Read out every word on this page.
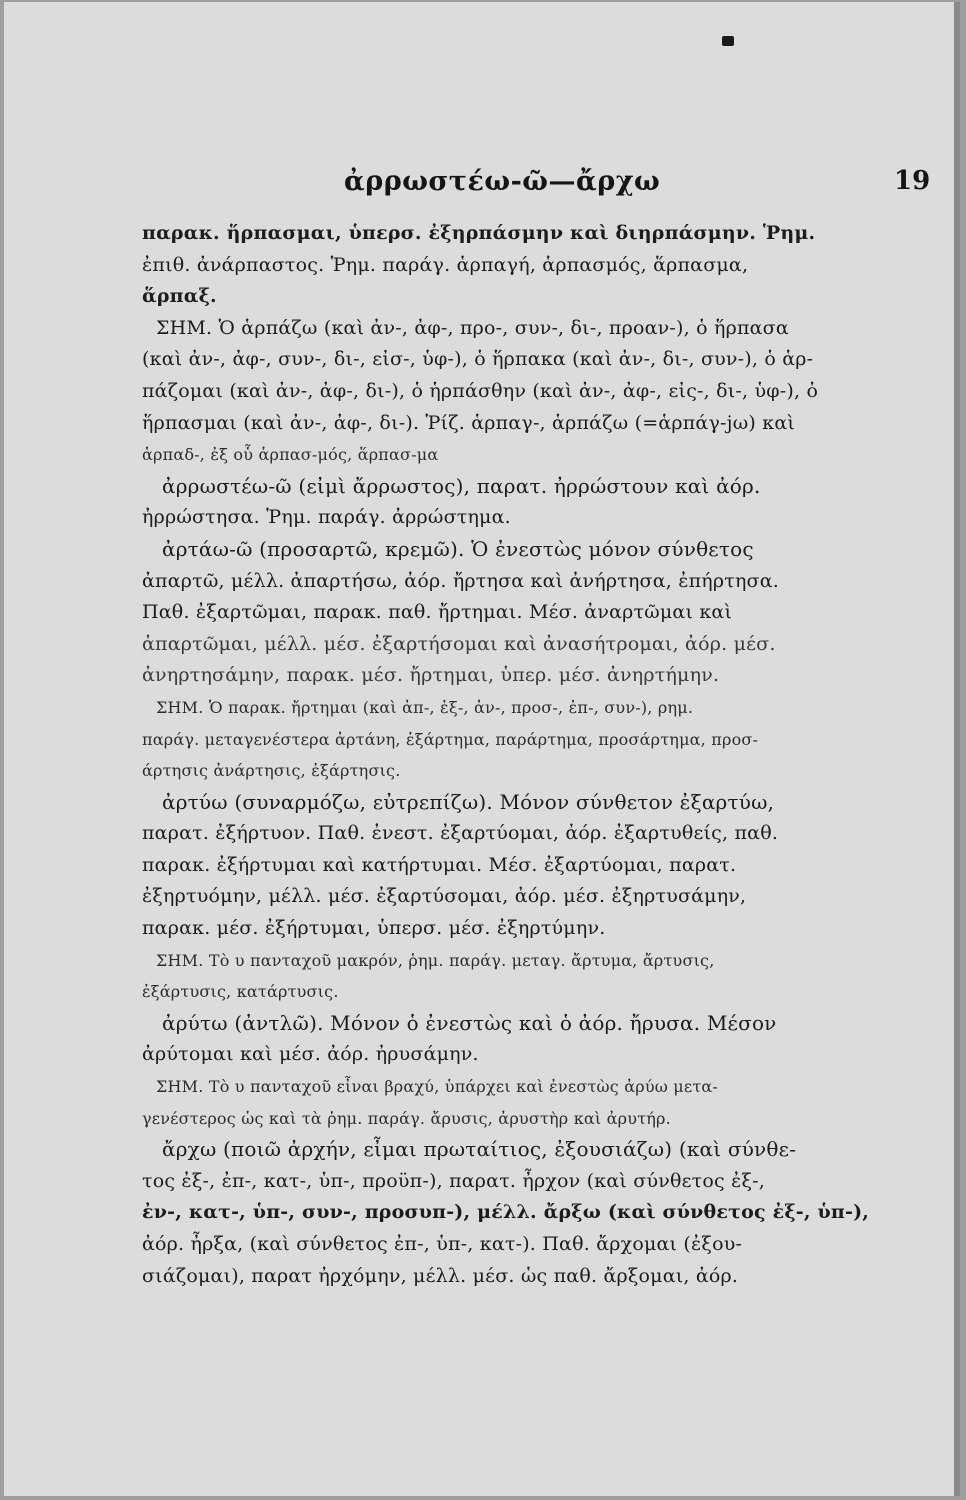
ἀρρωστέω-ῶ—ἄρχω	19
παρακ. ἥρπασμαι, ὑπερσ. ἐξηρπάσμην καὶ διηρπάσμην. Ῥημ.
ἐπιθ. ἀνάρπαστος. Ῥημ. παράγ. ἁρπαγή, ἁρπασμός, ἅρπασμα,
ἅρπαξ.
ΣΗΜ. Ὁ ἁρπάζω (καὶ ἀν-, ἀφ-, προ-, συν-, δι-, προαν-), ὁ ἥρπασα
(καὶ ἀν-, ἀφ-, συν-, δι-, εἰσ-, ὑφ-), ὁ ἥρπακα (καὶ ἀν-, δι-, συν-), ὁ ἁρ-
πάζομαι (καὶ ἀν-, ἀφ-, δι-), ὁ ἡρπάσθην (καὶ ἀν-, ἀφ-, εἰς-, δι-, ὑφ-), ὁ
ἥρπασμαι (καὶ ἀν-, ἀφ-, δι-). Ῥίζ. ἁρπαγ-, ἁρπάζω (=ἁρπάγ-jω) καὶ
ἁρπαδ-, ἐξ οὗ ἁρπασ-μός, ἅρπασ-μα
ἀρρωστέω-ῶ (εἰμὶ ἄρρωστος), παρατ. ἠρρώστουν καὶ ἀόρ.
ἠρρώστησα. Ῥημ. παράγ. ἀρρώστημα.
ἀρτάω-ῶ (προσαρτῶ, κρεμῶ). Ὁ ἐνεστὼς μόνον σύνθετος
ἀπαρτῶ, μέλλ. ἀπαρτήσω, ἀόρ. ἤρτησα καὶ ἀνήρτησα, ἐπήρτησα.
Παθ. ἐξαρτῶμαι, παρακ. παθ. ἤρτημαι. Μέσ. ἀναρτῶμαι καὶ
ἀπαρτῶμαι, μέλλ. μέσ. ἐξαρτήσομαι καὶ ἀνασήτρομαι, ἀόρ. μέσ.
ἀνηρτησάμην, παρακ. μέσ. ἤρτημαι, ὑπερ. μέσ. ἀνηρτήμην.
ΣΗΜ. Ὁ παρακ. ἤρτημαι (καὶ ἀπ-, ἐξ-, ἀν-, προσ-, ἐπ-, συν-), ρημ.
παράγ. μεταγενέστερα ἀρτάνη, ἐξάρτημα, παράρτημα, προσάρτημα, προσ-
άρτησις ἀνάρτησις, ἐξάρτησις.
ἀρτύω (συναρμόζω, εὐτρεπίζω). Μόνον σύνθετον ἐξαρτύω,
παρατ. ἐξήρτυον. Παθ. ἐνεστ. ἐξαρτύομαι, ἀόρ. ἐξαρτυθείς, παθ.
παρακ. ἐξήρτυμαι καὶ κατήρτυμαι. Μέσ. ἐξαρτύομαι, παρατ.
ἐξηρτυόμην, μέλλ. μέσ. ἐξαρτύσομαι, ἀόρ. μέσ. ἐξηρτυσάμην,
παρακ. μέσ. ἐξήρτυμαι, ὑπερσ. μέσ. ἐξηρτύμην.
ΣΗΜ. Τὸ υ πανταχοῦ μακρόν, ῥημ. παράγ. μεταγ. ἄρτυμα, ἄρτυσις,
ἐξάρτυσις, κατάρτυσις.
ἀρύτω (ἀντλῶ). Μόνον ὁ ἐνεστὼς καὶ ὁ ἀόρ. ἤρυσα. Μέσον
ἀρύτομαι καὶ μέσ. ἀόρ. ἠρυσάμην.
ΣΗΜ. Τὸ υ πανταχοῦ εἶναι βραχύ, ὑπάρχει καὶ ἐνεστὼς ἀρύω μετα-
γενέστερος ὡς καὶ τὰ ῥημ. παράγ. ἄρυσις, ἀρυστὴρ καὶ ἀρυτήρ.
ἄρχω (ποιῶ ἀρχήν, εἶμαι πρωταίτιος, ἐξουσιάζω) (καὶ σύνθε-
τος ἐξ-, ἐπ-, κατ-, ὑπ-, προϋπ-), παρατ. ἦρχον (καὶ σύνθετος ἐξ-,
ἐν-, κατ-, ὑπ-, συν-, προσυπ-), μέλλ. ἄρξω (καὶ σύνθετος ἐξ-, ὑπ-),
ἀόρ. ἦρξα, (καὶ σύνθετος ἐπ-, ὑπ-, κατ-). Παθ. ἄρχομαι (ἐξου-
σιάζομαι), παρατ ἠρχόμην, μέλλ. μέσ. ὡς παθ. ἄρξομαι, ἀόρ.
